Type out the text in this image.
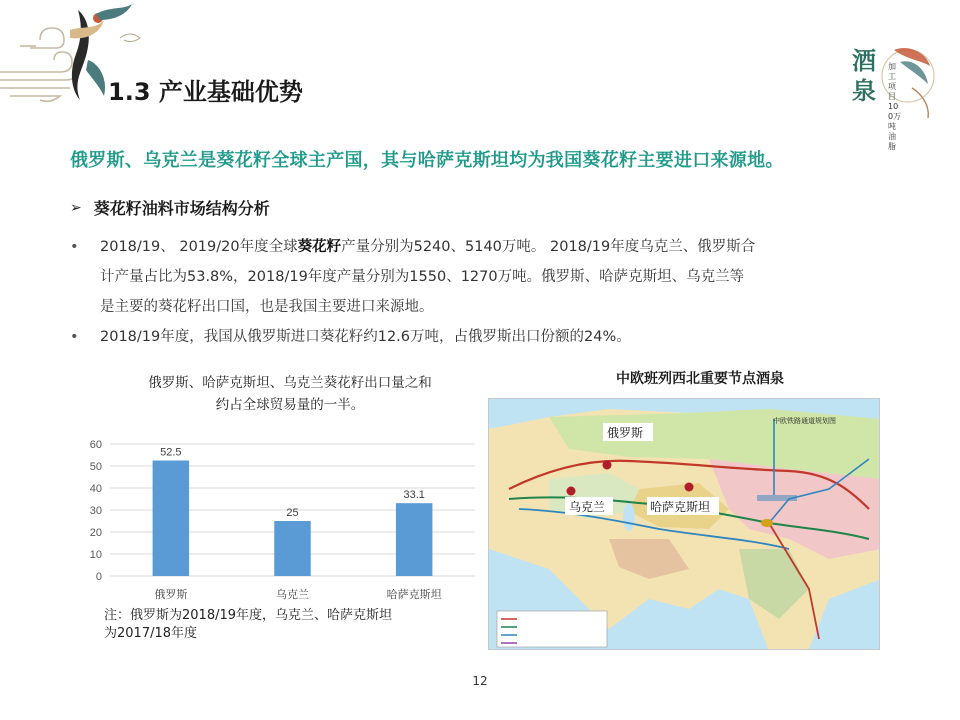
酒泉
加工项目 100万吨油脂
1.3 产业基础优势
俄罗斯、乌克兰是葵花籽全球主产国，其与哈萨克斯坦均为我国葵花籽主要进口来源地。
➢ 葵花籽油料市场结构分析
•	2018/19、 2019/20年度全球葵花籽产量分别为5240、5140万吨。 2018/19年度乌克兰、俄罗斯合
计产量占比为53.8%，2018/19年度产量分别为1550、1270万吨。俄罗斯、哈萨克斯坦、乌克兰等
是主要的葵花籽出口国，也是我国主要进口来源地。
•	2018/19年度，我国从俄罗斯进口葵花籽约12.6万吨，占俄罗斯出口份额的24%。
俄罗斯、哈萨克斯坦、乌克兰葵花籽出口量之和
约占全球贸易量的一半。
0
10
20
30
40
50
60
52.5
俄罗斯
25
乌克兰
33.1
哈萨克斯坦
注：俄罗斯为2018/19年度，乌克兰、哈萨克斯坦
为2017/18年度
中欧班列西北重要节点酒泉
中欧铁路通道规划图
俄罗斯
乌克兰	哈萨克斯坦
12
